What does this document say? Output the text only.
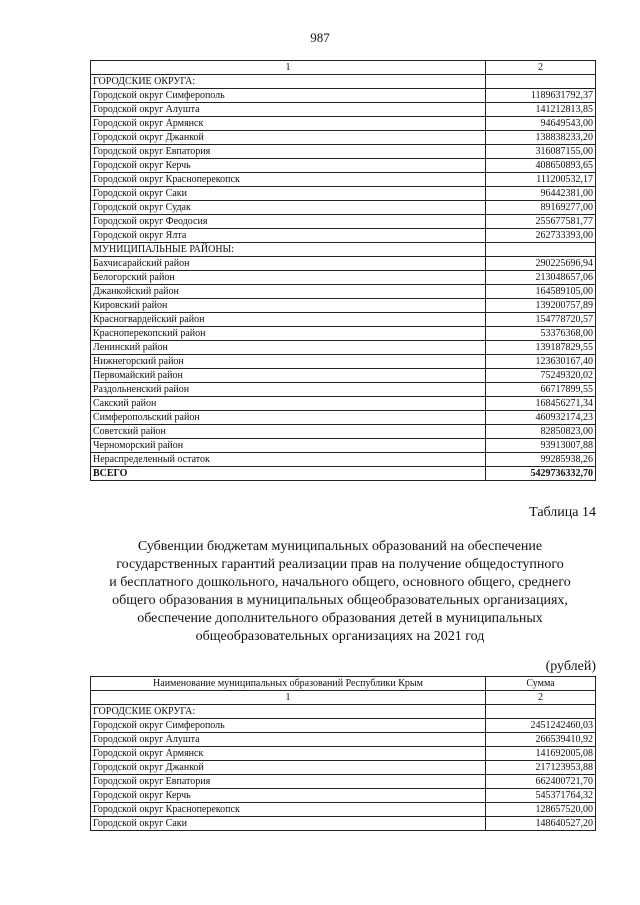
987
1	2
ГОРОДСКИЕ ОКРУГА:	
Городской округ Симферополь	1189631792,37
Городской округ Алушта	141212813,85
Городской округ Армянск	94649543,00
Городской округ Джанкой	138838233,20
Городской округ Евпатория	316087155,00
Городской округ Керчь	408650893,65
Городской округ Красноперекопск	111200532,17
Городской округ Саки	96442381,00
Городской округ Судак	89169277,00
Городской округ Феодосия	255677581,77
Городской округ Ялта	262733393,00
МУНИЦИПАЛЬНЫЕ РАЙОНЫ:	
Бахчисарайский район	290225696,94
Белогорский район	213048657,06
Джанкойский район	164589105,00
Кировский район	139200757,89
Красногвардейский район	154778720,57
Красноперекопский район	53376368,00
Ленинский район	139187829,55
Нижнегорский район	123630167,40
Первомайский район	75249320,02
Раздольненский район	66717899,55
Сакский район	168456271,34
Симферопольский район	460932174,23
Советский район	82850823,00
Черноморский район	93913007,88
Нераспределенный остаток	99285938,26
ВСЕГО	5429736332,70
Таблица 14
Субвенции бюджетам муниципальных образований на обеспечение
государственных гарантий реализации прав на получение общедоступного
и бесплатного дошкольного, начального общего, основного общего, среднего
общего образования в муниципальных общеобразовательных организациях,
обеспечение дополнительного образования детей в муниципальных
общеобразовательных организациях на 2021 год
(рублей)
Наименование муниципальных образований Республики Крым	Сумма
1	2
ГОРОДСКИЕ ОКРУГА:	
Городской округ Симферополь	2451242460,03
Городской округ Алушта	266539410,92
Городской округ Армянск	141692005,08
Городской округ Джанкой	217123953,88
Городской округ Евпатория	662400721,70
Городской округ Керчь	545371764,32
Городской округ Красноперекопск	128657520,00
Городской округ Саки	148640527,20
